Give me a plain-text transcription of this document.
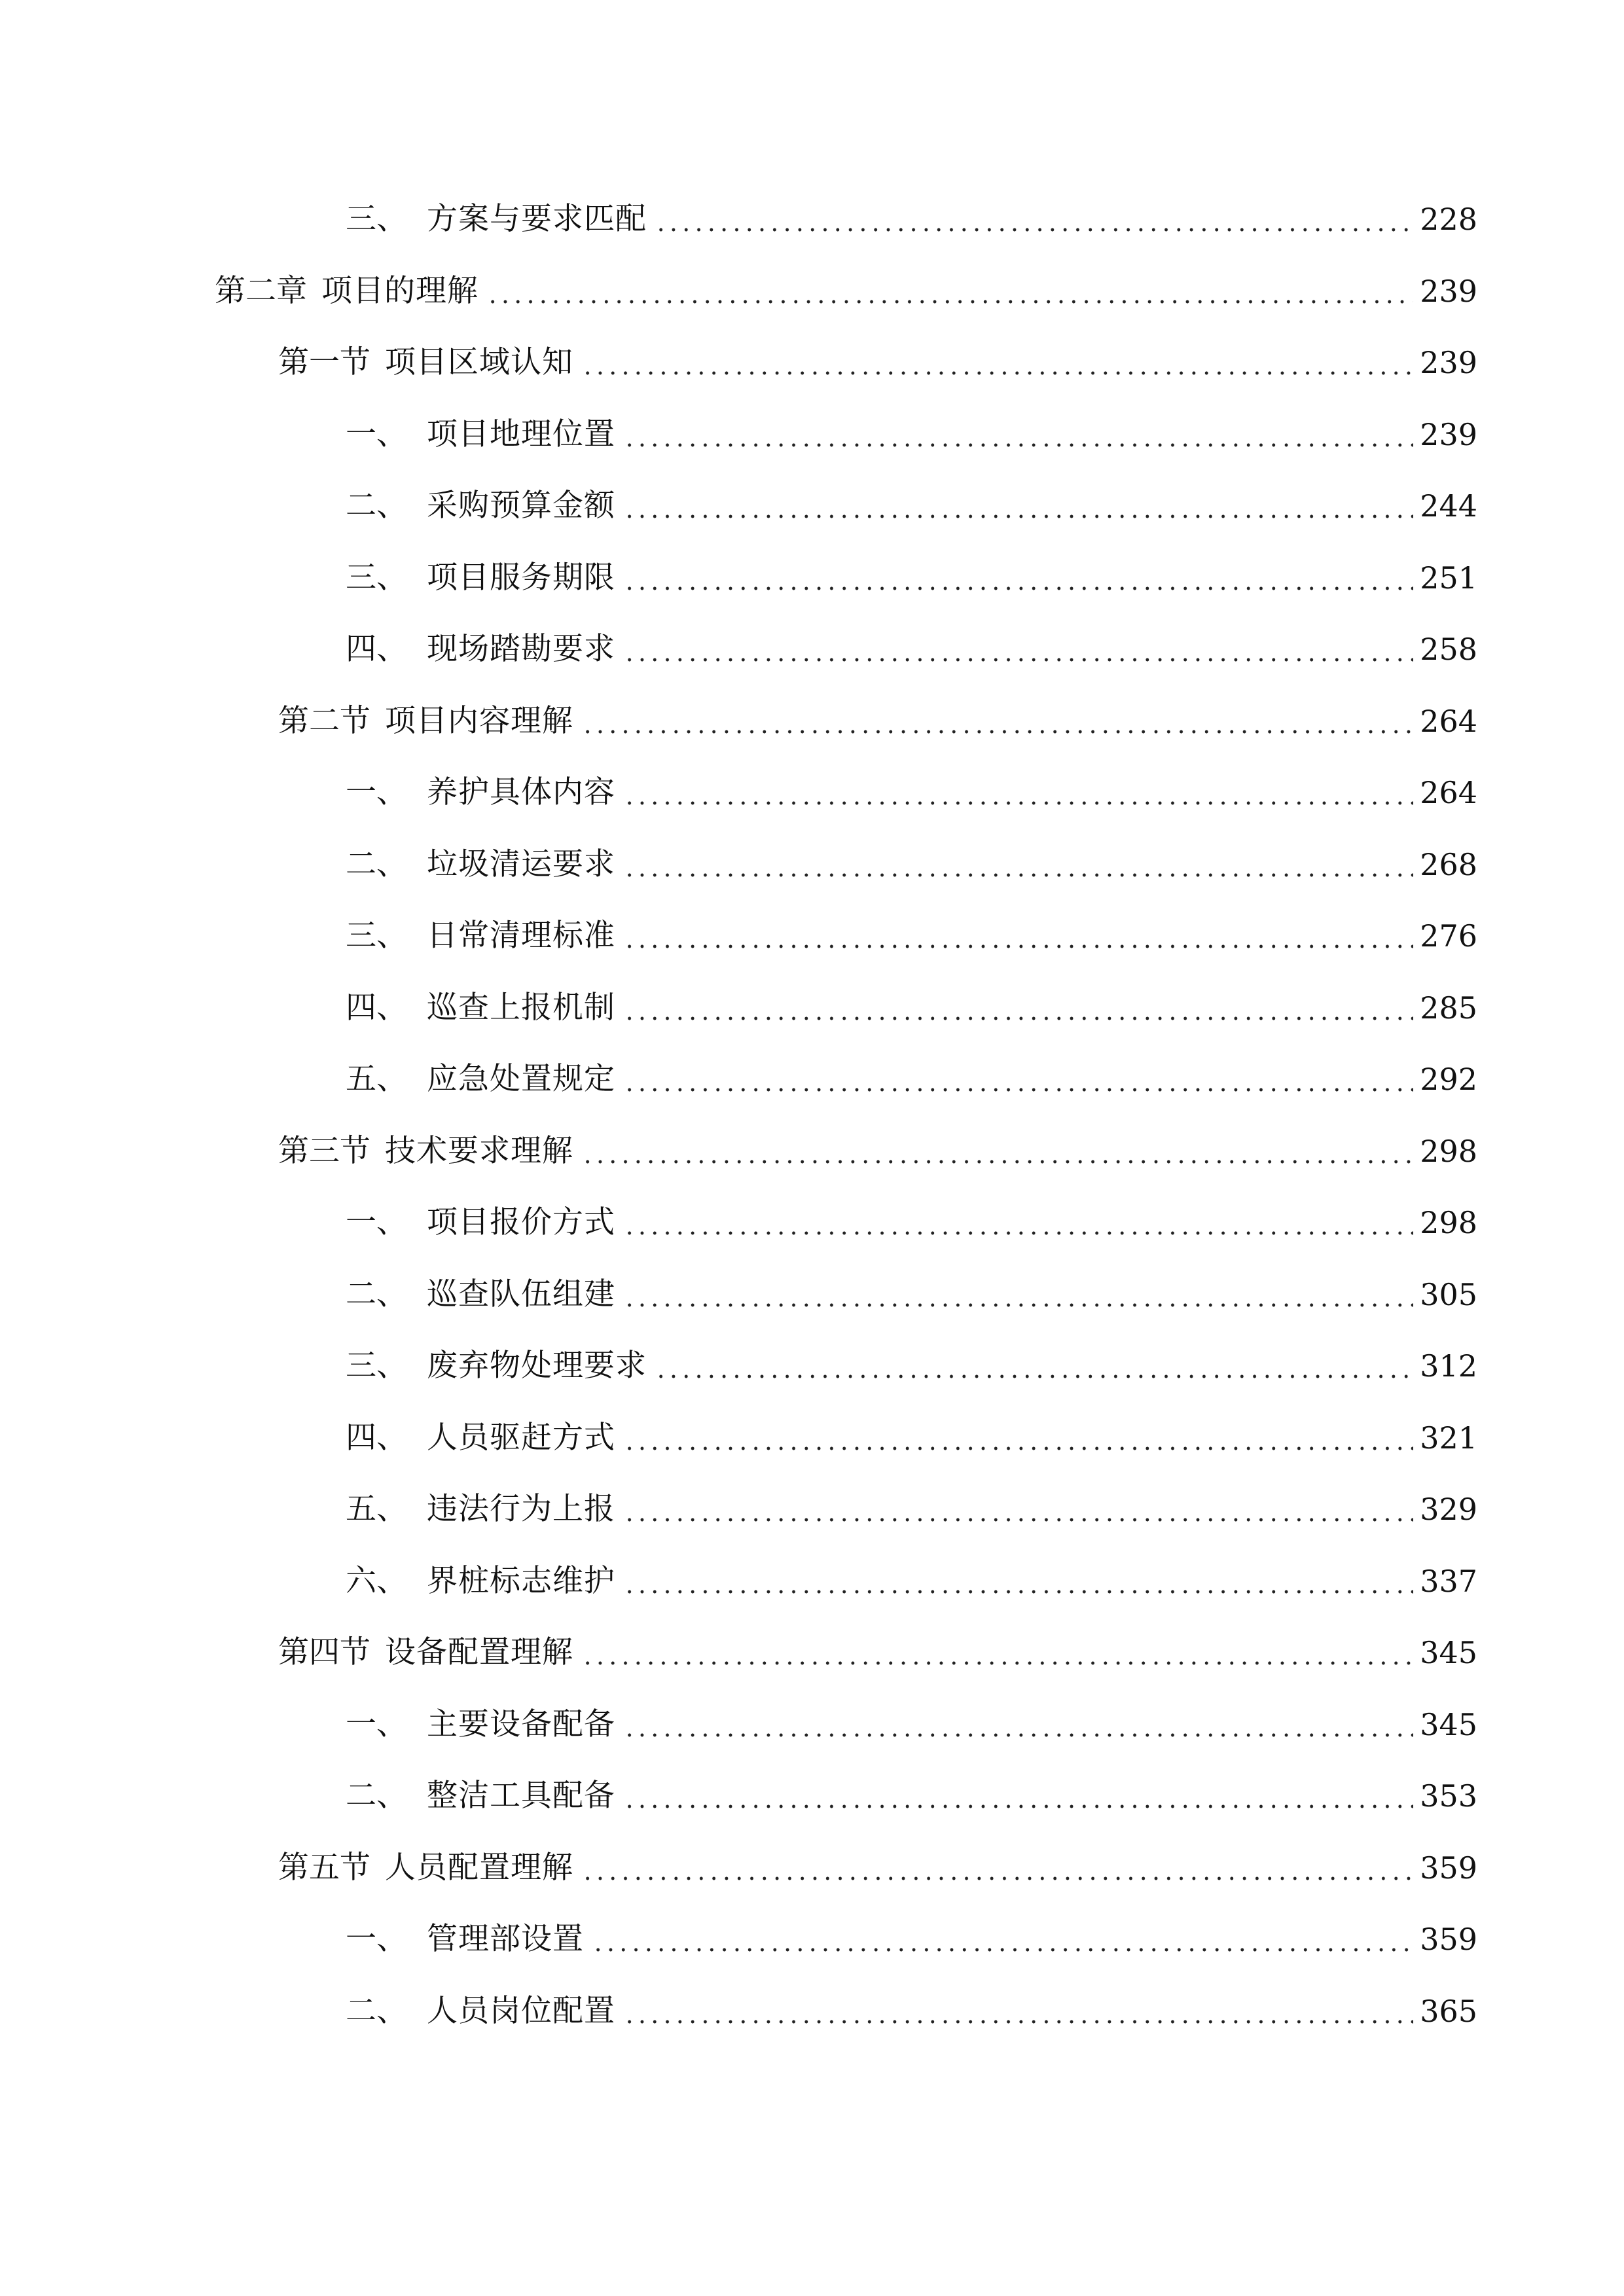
三、 方案与要求匹配	228
第二章 项目的理解	239
第一节 项目区域认知	239
一、 项目地理位置	239
二、 采购预算金额	244
三、 项目服务期限	251
四、 现场踏勘要求	258
第二节 项目内容理解	264
一、 养护具体内容	264
二、 垃圾清运要求	268
三、 日常清理标准	276
四、 巡查上报机制	285
五、 应急处置规定	292
第三节 技术要求理解	298
一、 项目报价方式	298
二、 巡查队伍组建	305
三、 废弃物处理要求	312
四、 人员驱赶方式	321
五、 违法行为上报	329
六、 界桩标志维护	337
第四节 设备配置理解	345
一、 主要设备配备	345
二、 整洁工具配备	353
第五节 人员配置理解	359
一、 管理部设置	359
二、 人员岗位配置	365
